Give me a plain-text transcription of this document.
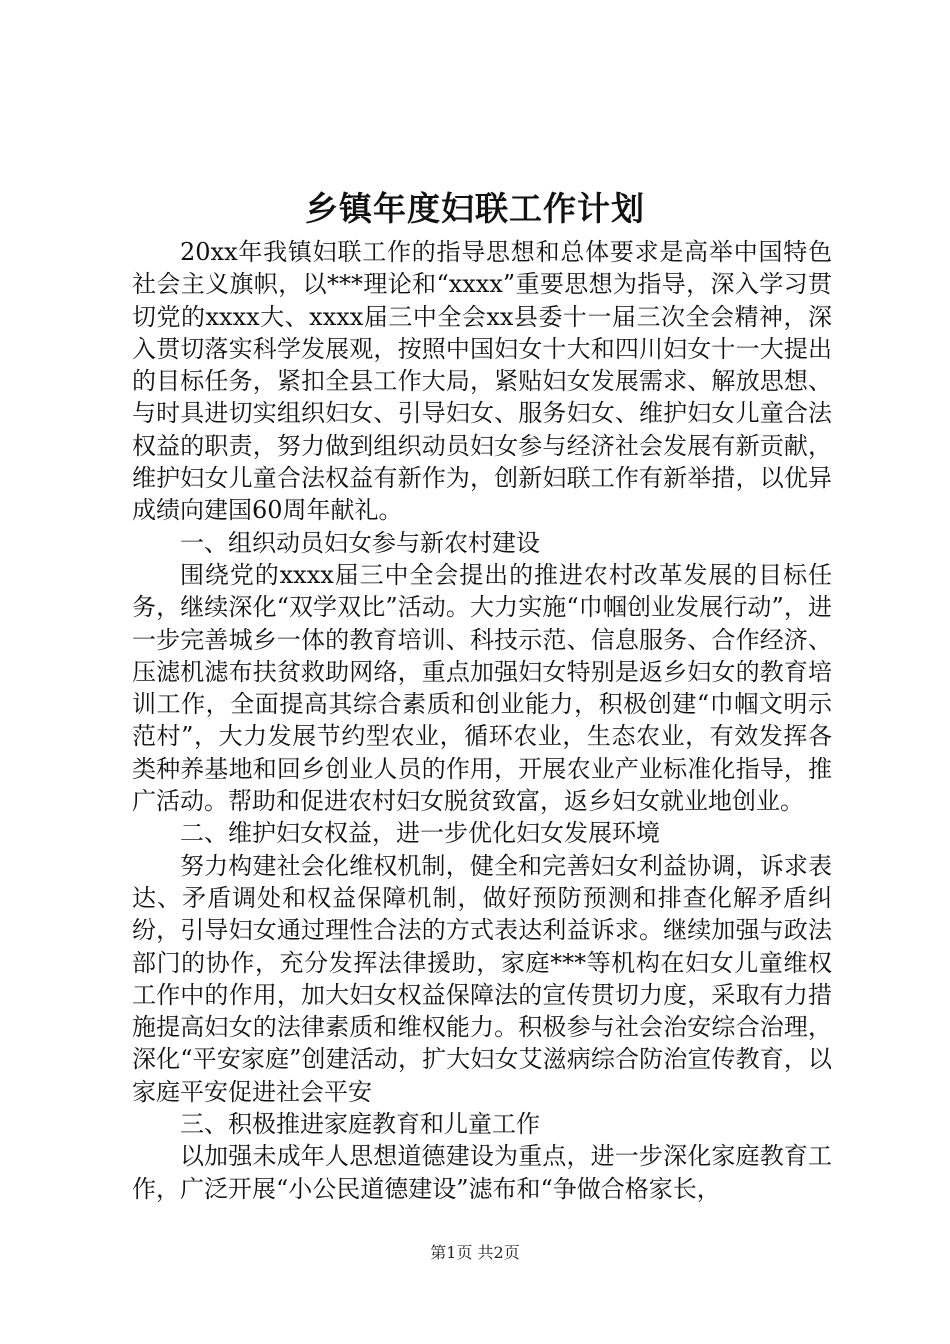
乡镇年度妇联工作计划

20xx年我镇妇联工作的指导思想和总体要求是高举中国特色社会主义旗帜，以***理论和“xxxx”重要思想为指导，深入学习贯切党的xxxx大、xxxx届三中全会xx县委十一届三次全会精神，深入贯切落实科学发展观，按照中国妇女十大和四川妇女十一大提出的目标任务，紧扣全县工作大局，紧贴妇女发展需求、解放思想、与时具进切实组织妇女、引导妇女、服务妇女、维护妇女儿童合法权益的职责，努力做到组织动员妇女参与经济社会发展有新贡献，维护妇女儿童合法权益有新作为，创新妇联工作有新举措，以优异成绩向建国60周年献礼。

一、组织动员妇女参与新农村建设

围绕党的xxxx届三中全会提出的推进农村改革发展的目标任务，继续深化“双学双比”活动。大力实施“巾帼创业发展行动”，进一步完善城乡一体的教育培训、科技示范、信息服务、合作经济、压滤机滤布扶贫救助网络，重点加强妇女特别是返乡妇女的教育培训工作，全面提高其综合素质和创业能力，积极创建“巾帼文明示范村”，大力发展节约型农业，循环农业，生态农业，有效发挥各类种养基地和回乡创业人员的作用，开展农业产业标准化指导，推广活动。帮助和促进农村妇女脱贫致富，返乡妇女就业地创业。

二、维护妇女权益，进一步优化妇女发展环境

努力构建社会化维权机制，健全和完善妇女利益协调，诉求表达、矛盾调处和权益保障机制，做好预防预测和排查化解矛盾纠纷，引导妇女通过理性合法的方式表达利益诉求。继续加强与政法部门的协作，充分发挥法律援助，家庭***等机构在妇女儿童维权工作中的作用，加大妇女权益保障法的宣传贯切力度，采取有力措施提高妇女的法律素质和维权能力。积极参与社会治安综合治理，深化“平安家庭”创建活动，扩大妇女艾滋病综合防治宣传教育，以家庭平安促进社会平安

三、积极推进家庭教育和儿童工作

以加强未成年人思想道德建设为重点，进一步深化家庭教育工作，广泛开展“小公民道德建设”滤布和“争做合格家长，

第1页 共2页
